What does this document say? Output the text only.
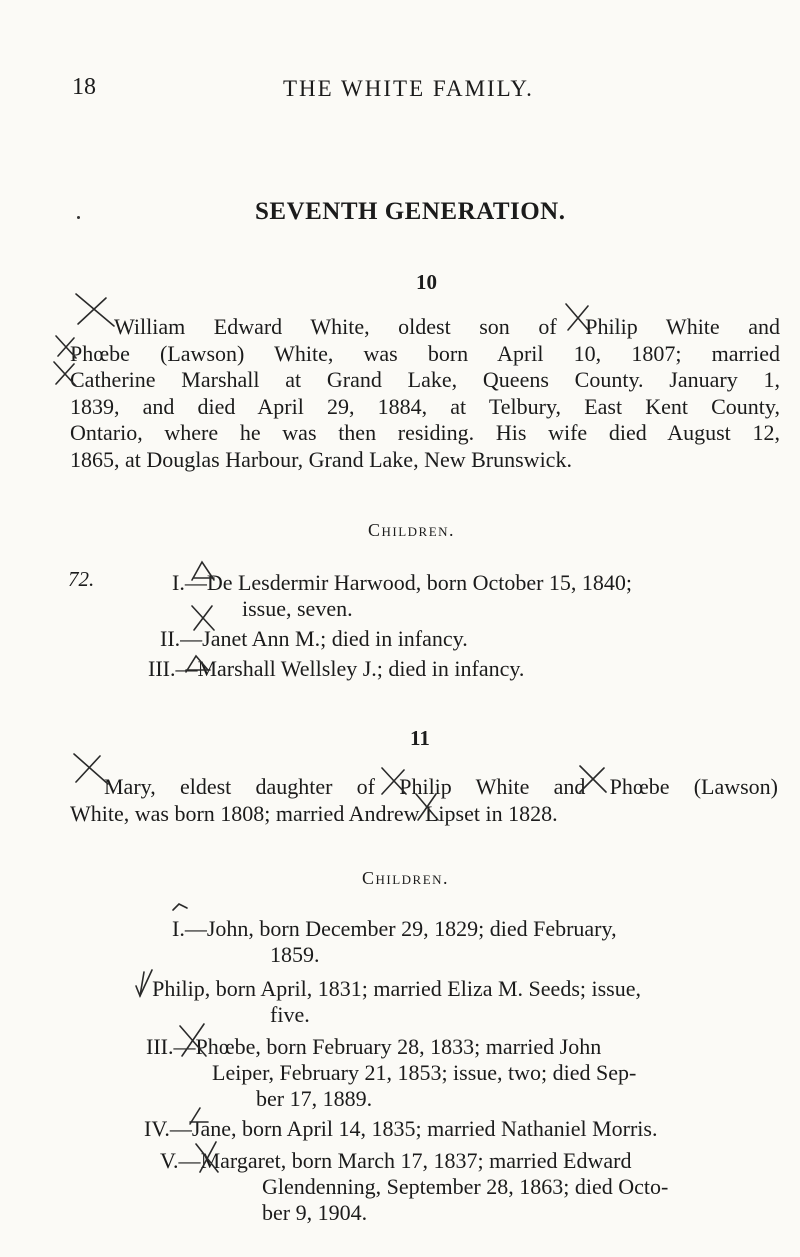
18	THE WHITE FAMILY.
SEVENTH GENERATION.
10
William Edward White, oldest son of Philip White and
Phœbe (Lawson) White, was born April 10, 1807; married
Catherine Marshall at Grand Lake, Queens County. January 1,
1839, and died April 29, 1884, at Telbury, East Kent County,
Ontario, where he was then residing. His wife died August 12,
1865, at Douglas Harbour, Grand Lake, New Brunswick.
Children.
72.	I.—De Lesdermir Harwood, born October 15, 1840;
issue, seven.
II.—Janet Ann M.; died in infancy.
III.—Marshall Wellsley J.; died in infancy.
11
Mary, eldest daughter of Philip White and Phœbe (Lawson)
White, was born 1808; married Andrew Lipset in 1828.
Children.
I.—John, born December 29, 1829; died February,
1859.
Philip, born April, 1831; married Eliza M. Seeds; issue,
five.
III.—Phœbe, born February 28, 1833; married John
Leiper, February 21, 1853; issue, two; died Sep-
ber 17, 1889.
IV.—Jane, born April 14, 1835; married Nathaniel Morris.
V.—Margaret, born March 17, 1837; married Edward
Glendenning, September 28, 1863; died Octo-
ber 9, 1904.
